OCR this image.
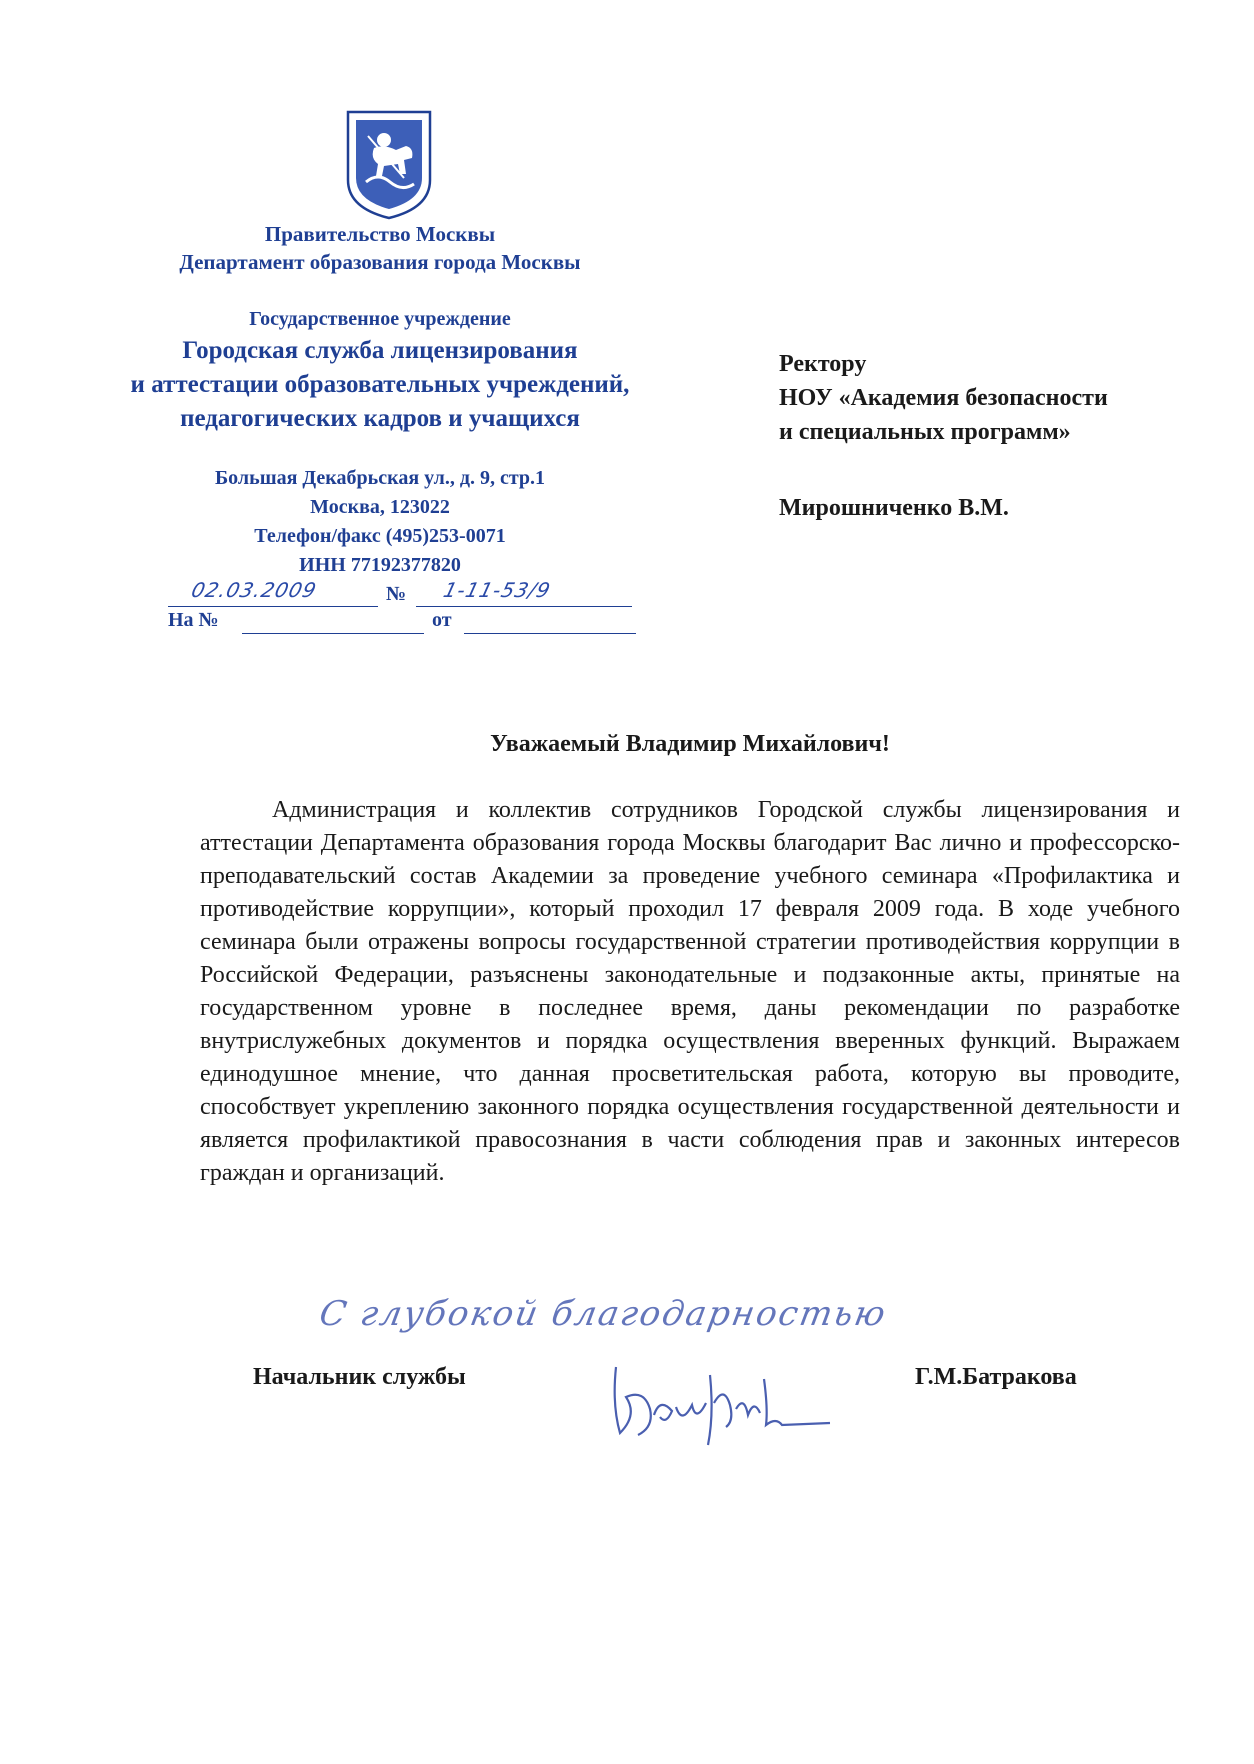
Правительство Москвы
Департамент образования города Москвы
Государственное учреждение
Городская служба лицензирования
и аттестации образовательных учреждений,
педагогических кадров и учащихся
Большая Декабрьская ул., д. 9, стр.1
Москва, 123022
Телефон/факс (495)253-0071
ИНН 77192377820
02.03.2009	№ 1-11-53/9
На №	от
Ректору
НОУ «Академия безопасности
и специальных программ»
Мирошниченко В.М.
Уважаемый Владимир Михайлович!
Администрация и коллектив сотрудников Городской службы лицензирования и аттестации Департамента образования города Москвы благодарит Вас лично и профессорско-преподавательский состав Академии за проведение учебного семинара «Профилактика и противодействие коррупции», который проходил 17 февраля 2009 года. В ходе учебного семинара были отражены вопросы государственной стратегии противодействия коррупции в Российской Федерации, разъяснены законодательные и подзаконные акты, принятые на государственном уровне в последнее время, даны рекомендации по разработке внутрислужебных документов и порядка осуществления вверенных функций. Выражаем единодушное мнение, что данная просветительская работа, которую вы проводите, способствует укреплению законного порядка осуществления государственной деятельности и является профилактикой правосознания в части соблюдения прав и законных интересов граждан и организаций.
С глубокой благодарностью
Начальник службы	Г.М.Батракова
